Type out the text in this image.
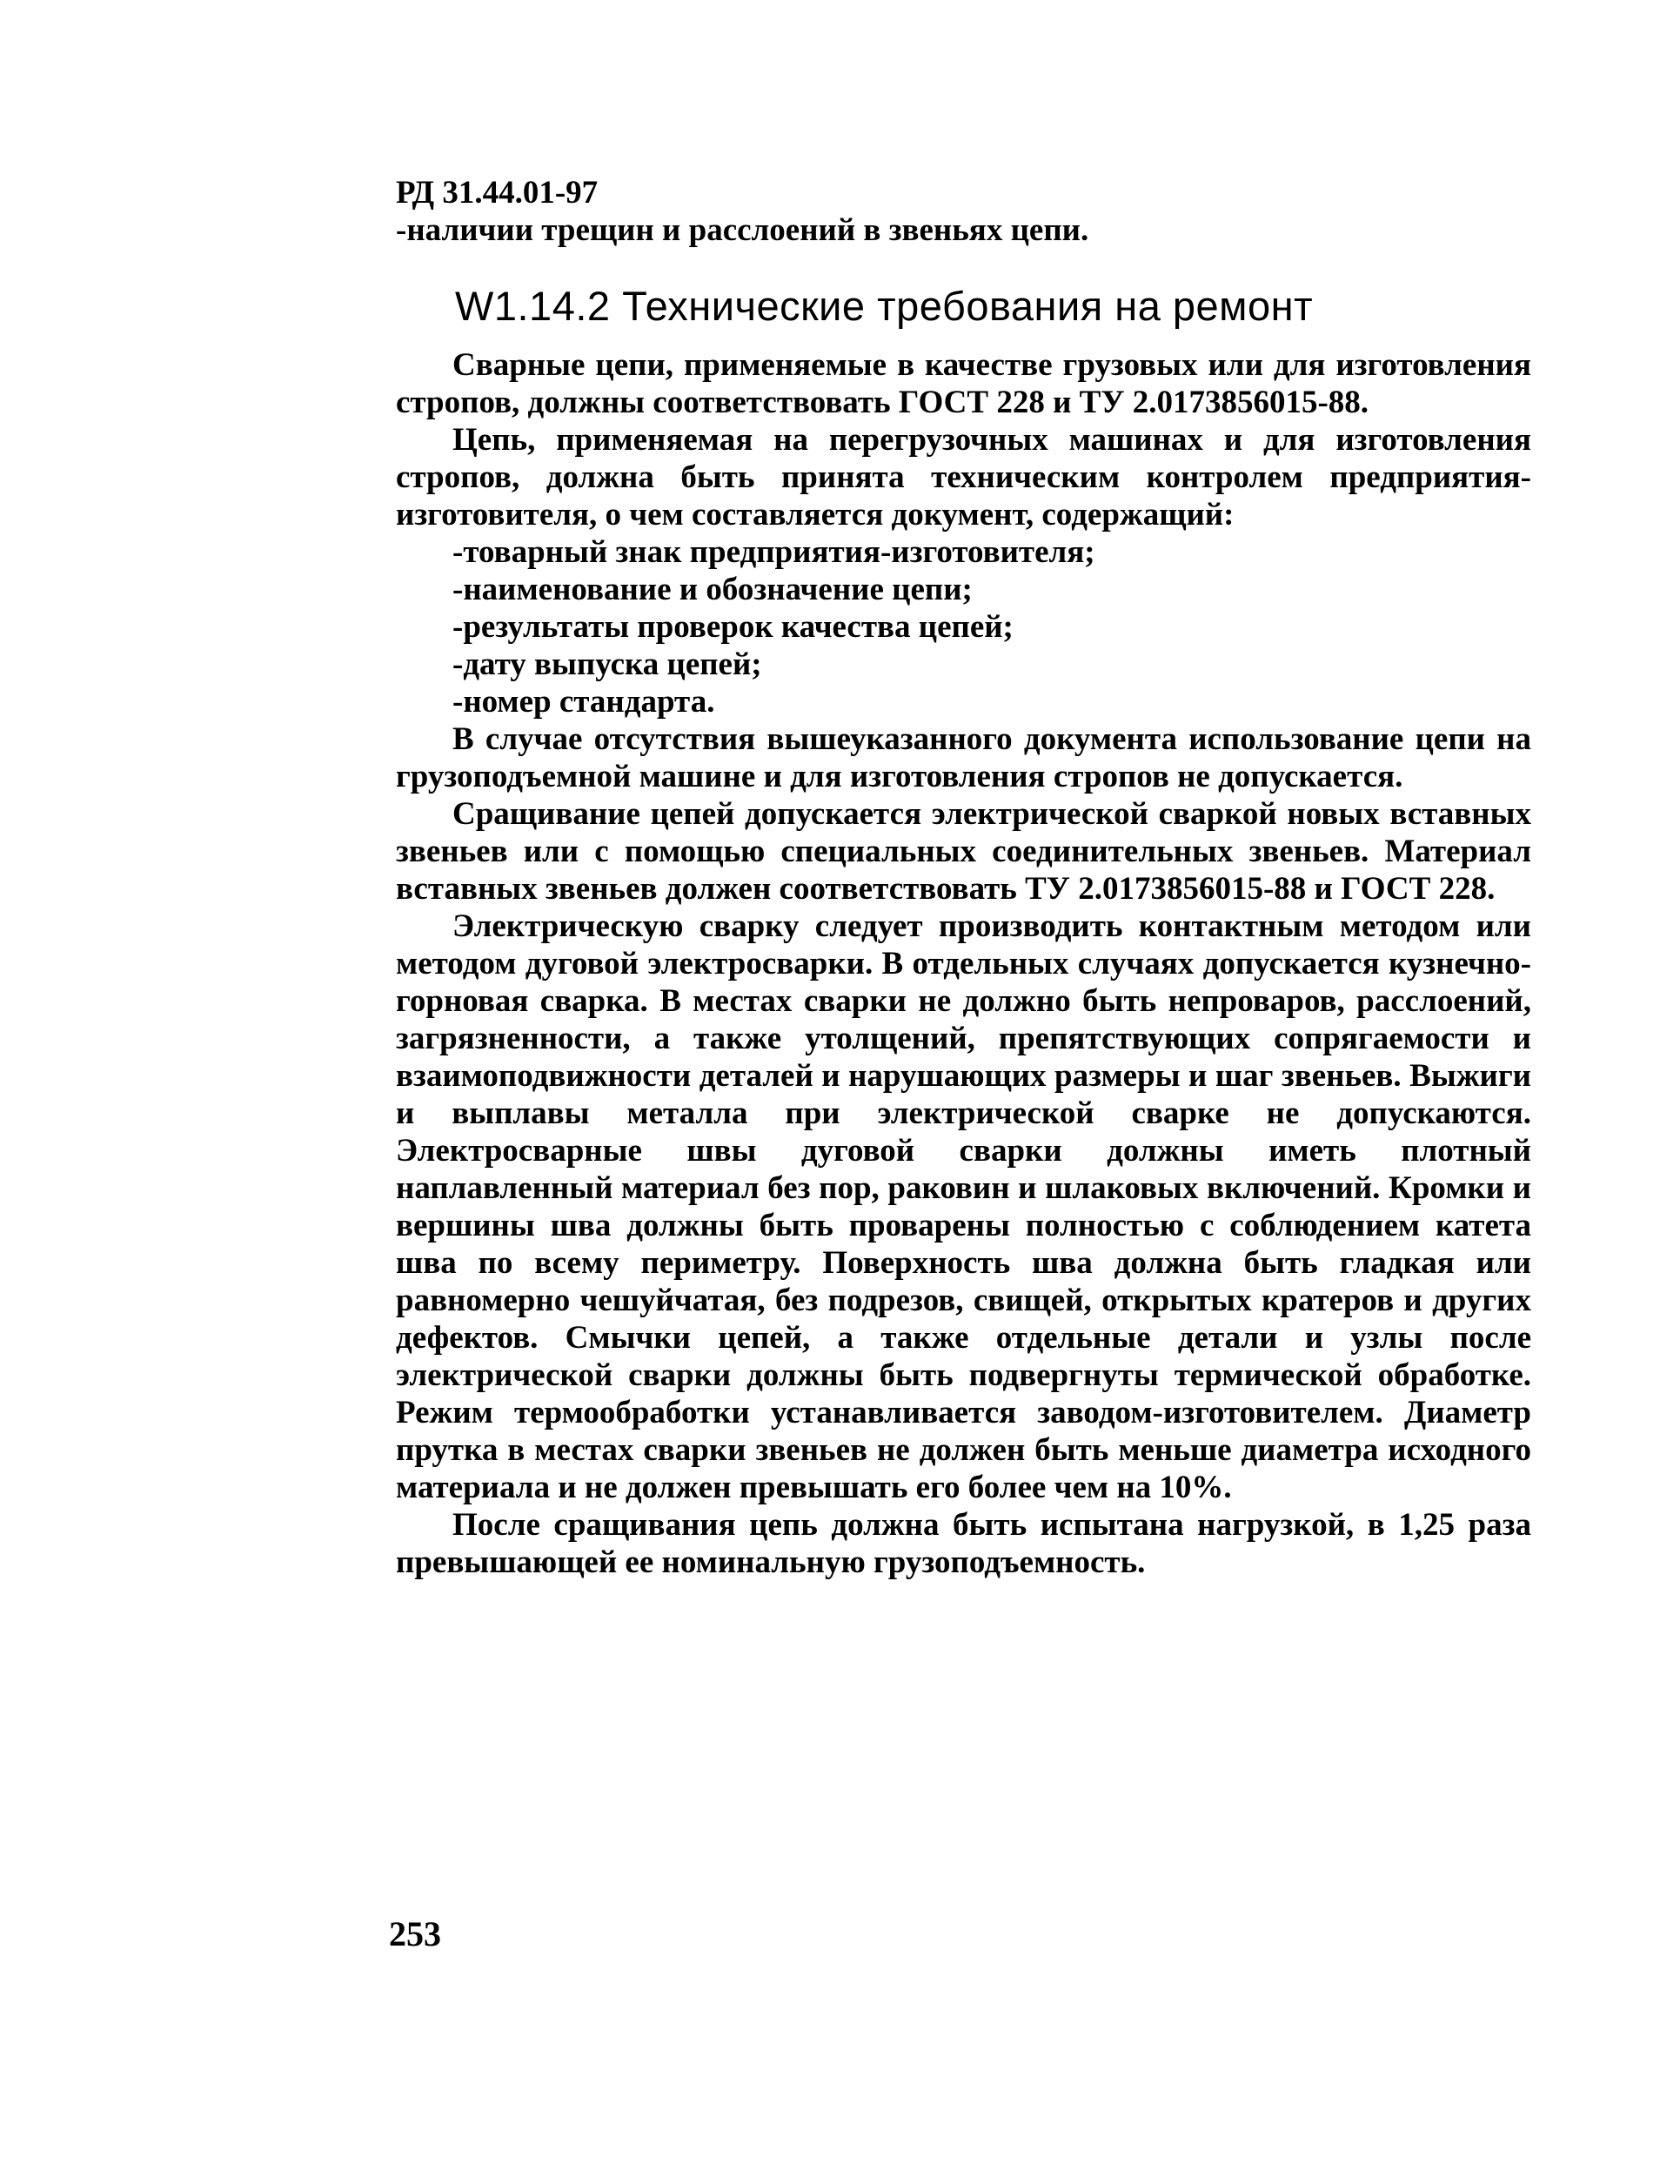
РД 31.44.01-97

-наличии трещин и расслоений в звеньях цепи.

W1.14.2 Технические требования на ремонт

Сварные цепи, применяемые в качестве грузовых или для изготовления стропов, должны соответствовать ГОСТ 228 и ТУ 2.0173856015-88.

Цепь, применяемая на перегрузочных машинах и для изготовления стропов, должна быть принята техническим контролем предприятия-изготовителя, о чем составляется документ, содержащий:

-товарный знак предприятия-изготовителя;

-наименование и обозначение цепи;

-результаты проверок качества цепей;

-дату выпуска цепей;

-номер стандарта.

В случае отсутствия вышеуказанного документа использование цепи на грузоподъемной машине и для изготовления стропов не допускается.

Сращивание цепей допускается электрической сваркой новых вставных звеньев или с помощью специальных соединительных звеньев. Материал вставных звеньев должен соответствовать ТУ 2.0173856015-88 и ГОСТ 228.

Электрическую сварку следует производить контактным методом или методом дуговой электросварки. В отдельных случаях допускается кузнечно-горновая сварка. В местах сварки не должно быть непроваров, расслоений, загрязненности, а также утолщений, препятствующих сопрягаемости и взаимоподвижности деталей и нарушающих размеры и шаг звеньев. Выжиги и выплавы металла при электрической сварке не допускаются. Электросварные швы дуговой сварки должны иметь плотный наплавленный материал без пор, раковин и шлаковых включений. Кромки и вершины шва должны быть проварены полностью с соблюдением катета шва по всему периметру. Поверхность шва должна быть гладкая или равномерно чешуйчатая, без подрезов, свищей, открытых кратеров и других дефектов. Смычки цепей, а также отдельные детали и узлы после электрической сварки должны быть подвергнуты термической обработке. Режим термообработки устанавливается заводом-изготовителем. Диаметр прутка в местах сварки звеньев не должен быть меньше диаметра исходного материала и не должен превышать его более чем на 10%.

После сращивания цепь должна быть испытана нагрузкой, в 1,25 раза превышающей ее номинальную грузоподъемность.

253
